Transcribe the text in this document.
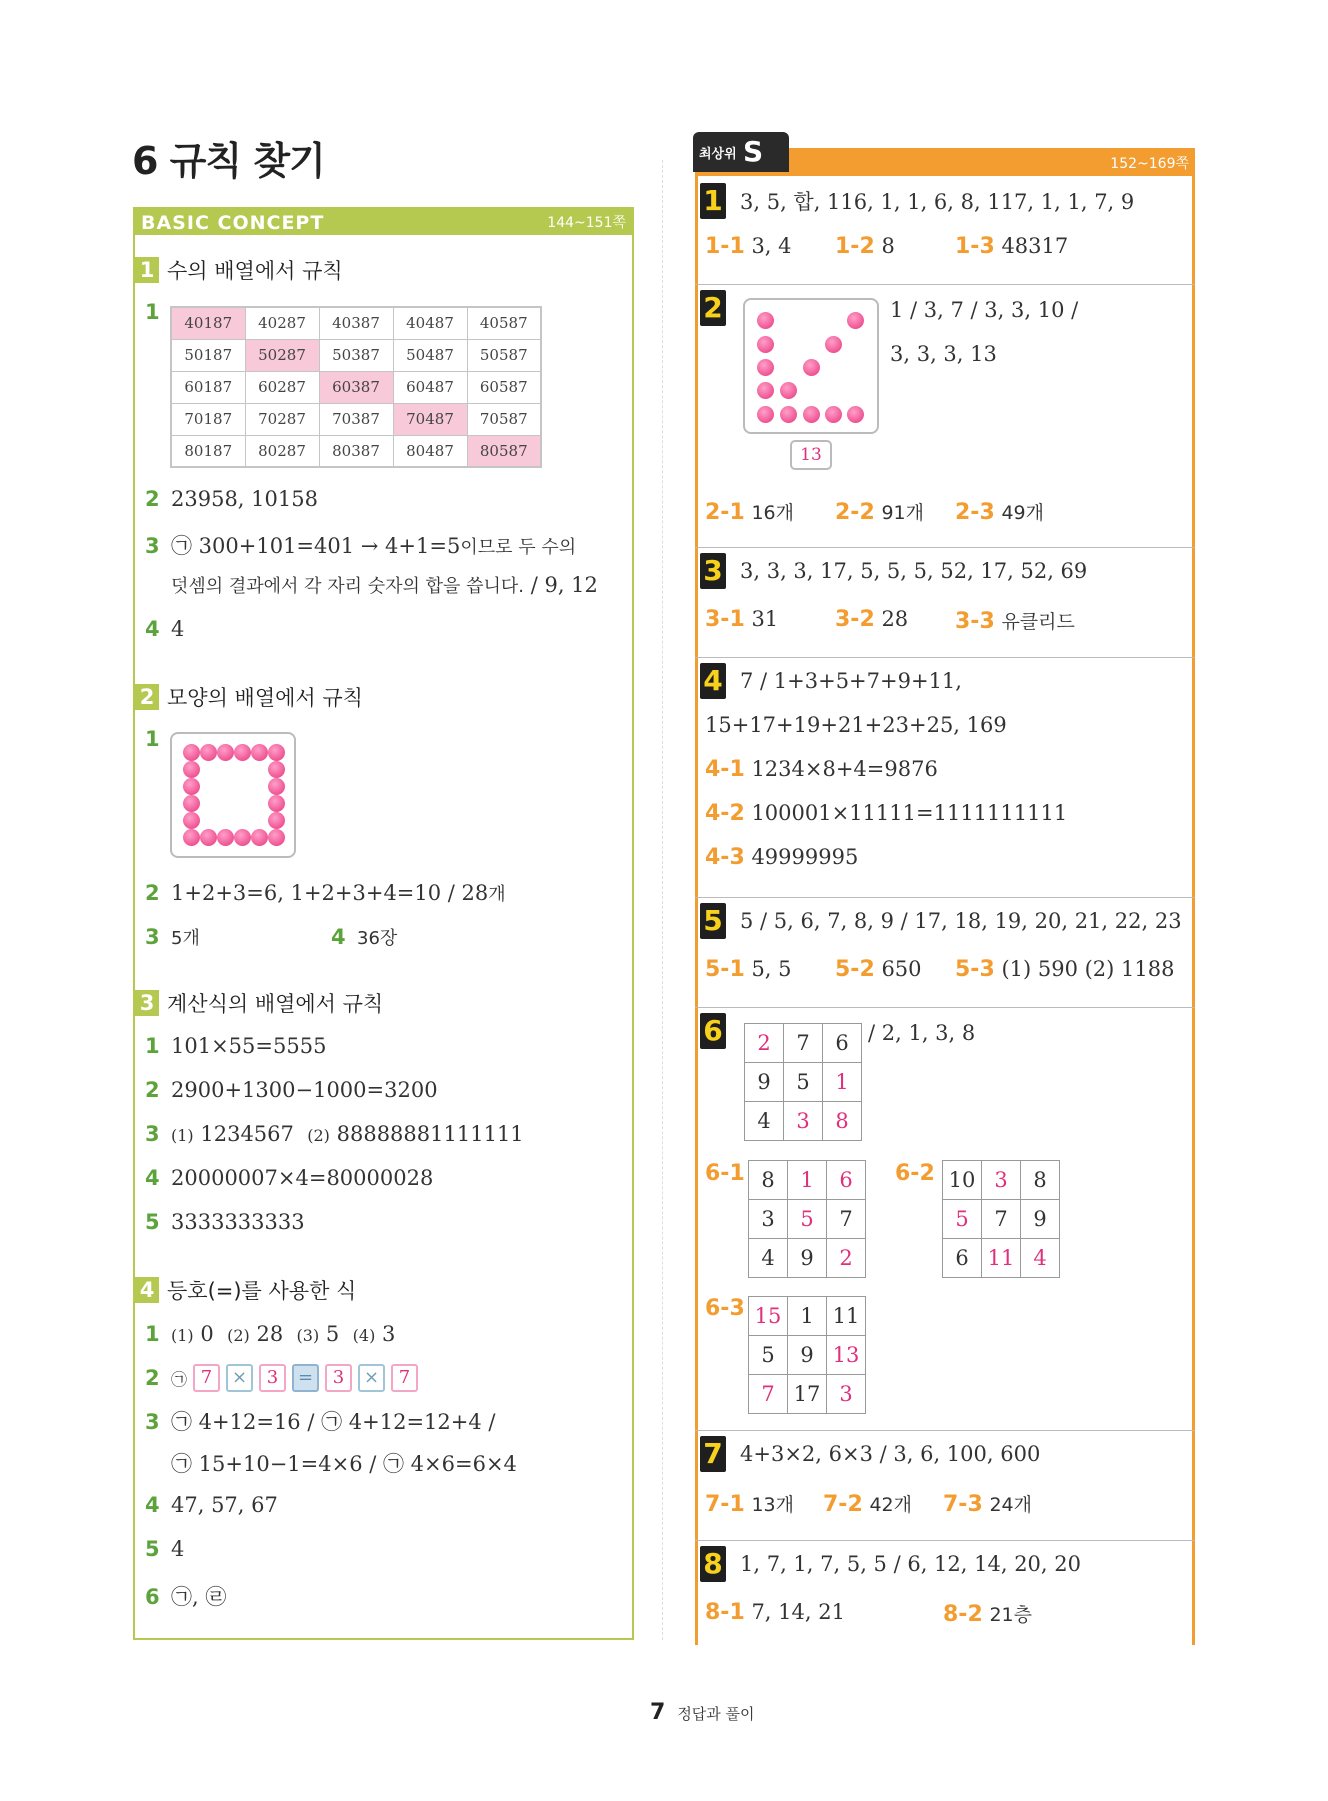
6 규칙 찾기
BASIC CONCEPT	144~151쪽
1 수의 배열에서 규칙
1	40187	40287	40387	40487	40587
50187	50287	50387	50487	50587
60187	60287	60387	60487	60587
70187	70287	70387	70487	70587
80187	80287	80387	80487	80587
2 23958, 10158
3 ㉠ 300+101=401 → 4+1=5이므로 두 수의
덧셈의 결과에서 각 자리 숫자의 합을 씁니다. / 9, 12
4 4
2 모양의 배열에서 규칙
1
2 1+2+3=6, 1+2+3+4=10 / 28개
3 5개	4 36장
3 계산식의 배열에서 규칙
1 101×55=5555
2 2900+1300−1000=3200
3 (1) 1234567 (2) 88888881111111
4 20000007×4=80000028
5 3333333333
4 등호(=)를 사용한 식
1 (1) 0 (2) 28 (3) 5 (4) 3
2 ㉠ 7	×	3	=	3	×	7
3 ㉠ 4+12=16 / ㉠ 4+12=12+4 /
㉠ 15+10−1=4×6 / ㉠ 4×6=6×4
4 47, 57, 67
5 4
6 ㉠, ㉣
152~169쪽
최상위 S
1 3, 5, 합, 116, 1, 1, 6, 8, 117, 1, 1, 7, 9
1-1 3, 4 1-2 8	1-3 48317
2
13
1 / 3, 7 / 3, 3, 10 /
3, 3, 3, 13
2-1 16개 2-2 91개 2-3 49개
3 3, 3, 3, 17, 5, 5, 5, 52, 17, 52, 69
3-1 31	3-2 28 3-3 유클리드
4 7 / 1+3+5+7+9+11,
15+17+19+21+23+25, 169
4-1 1234×8+4=9876
4-2 100001×11111=1111111111
4-3 49999995
5 5 / 5, 6, 7, 8, 9 / 17, 18, 19, 20, 21, 22, 23
5-1 5, 5 5-2 650 5-3 (1) 590 (2) 1188
6 2	7	6
9	5	1
4	3	8
/ 2, 1, 3, 8
6-1 8	1	6
3	5	7
4	9	2
6-2 10	3	8
5	7	9
6	11	4
6-3 15	1	11
5	9	13
7	17	3
7 4+3×2, 6×3 / 3, 6, 100, 600
7-1 13개 7-2 42개 7-3 24개
8 1, 7, 1, 7, 5, 5 / 6, 12, 14, 20, 20
8-1 7, 14, 21	8-2 21층
7 정답과 풀이
